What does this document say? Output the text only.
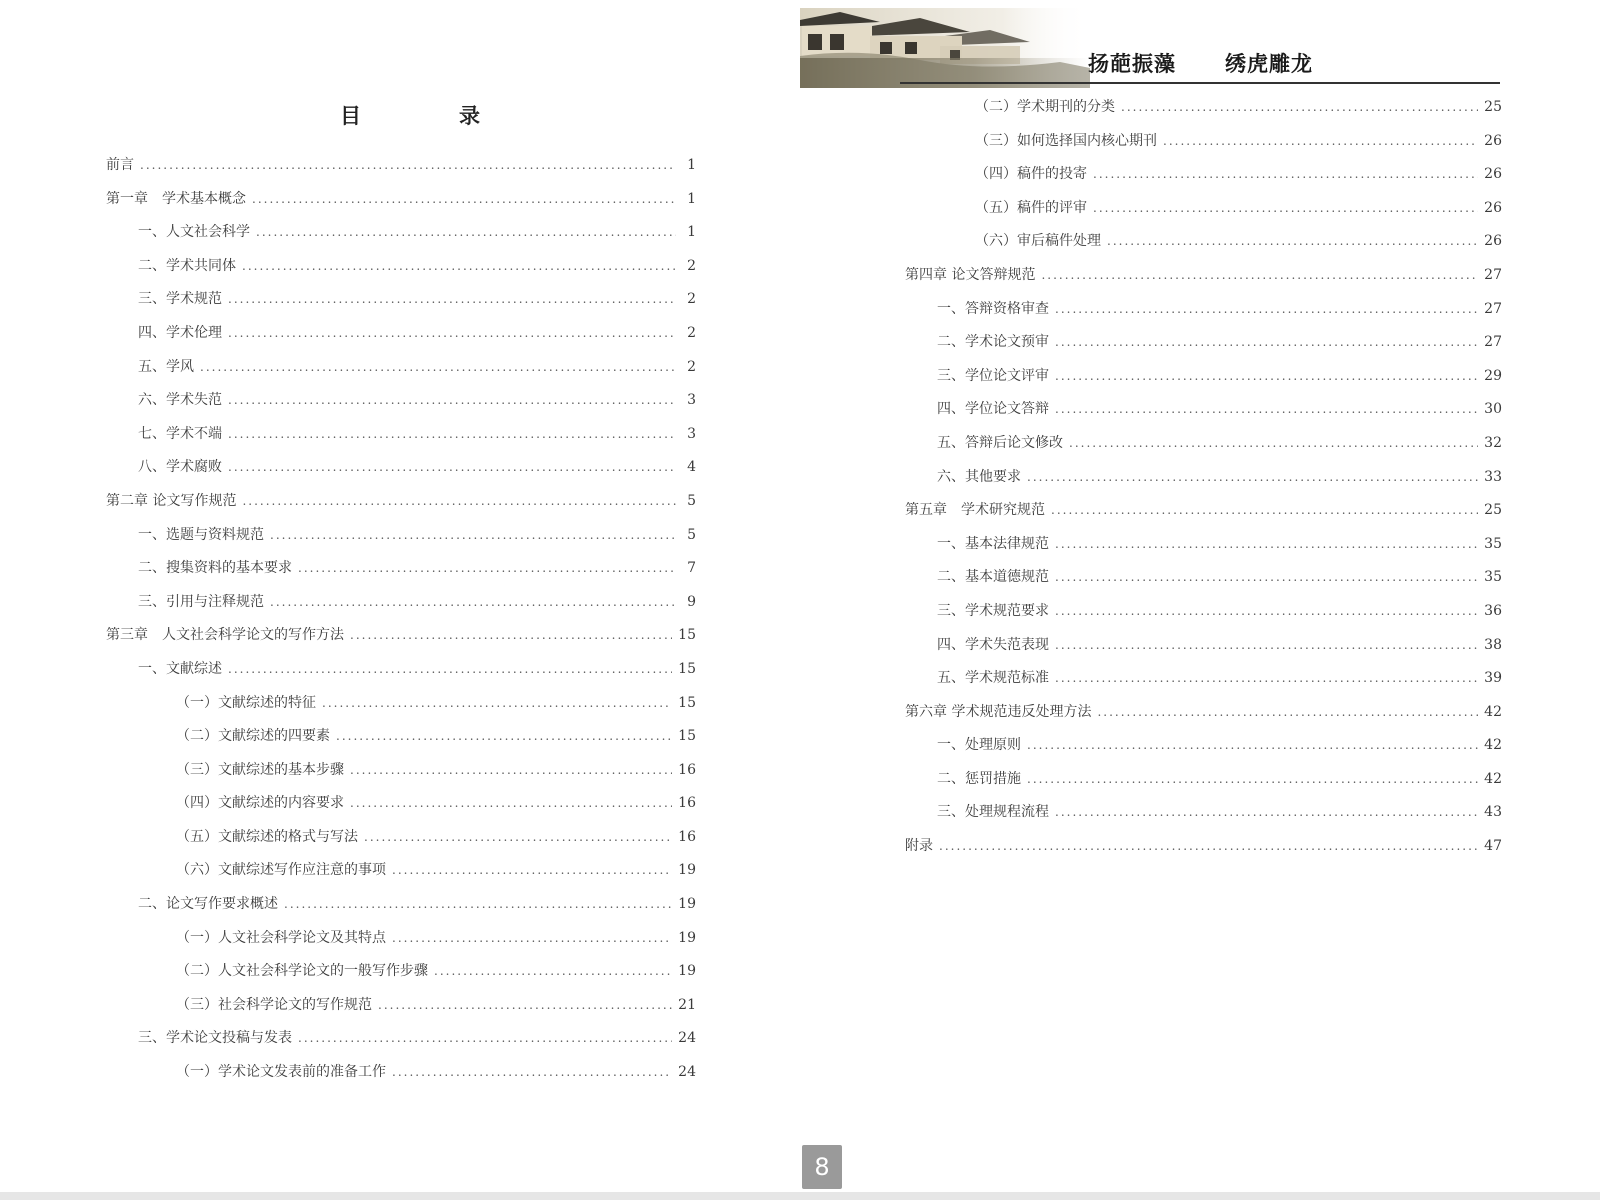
目	录
前言 .....	1
第一章　学术基本概念 .....	1
一、人文社会科学 .....	1
二、学术共同体 .....	2
三、学术规范 .....	2
四、学术伦理 .....	2
五、学风 .....	2
六、学术失范 .....	3
七、学术不端 .....	3
八、学术腐败 .....	4
第二章 论文写作规范 .....	5
一、选题与资料规范 .....	5
二、搜集资料的基本要求 .....	7
三、引用与注释规范 .....	9
第三章　人文社会科学论文的写作方法 .....	15
一、文献综述 .....	15
（一）文献综述的特征 .....	15
（二）文献综述的四要素 .....	15
（三）文献综述的基本步骤 .....	16
（四）文献综述的内容要求 .....	16
（五）文献综述的格式与写法 .....	16
（六）文献综述写作应注意的事项 .....	19
二、论文写作要求概述 .....	19
（一）人文社会科学论文及其特点 .....	19
（二）人文社会科学论文的一般写作步骤 .....	19
（三）社会科学论文的写作规范 .....	21
三、学术论文投稿与发表 .....	24
（一）学术论文发表前的准备工作 .....	24
扬葩振藻 绣虎雕龙
（二）学术期刊的分类 .....	25
（三）如何选择国内核心期刊 .....	26
（四）稿件的投寄 .....	26
（五）稿件的评审 .....	26
（六）审后稿件处理 .....	26
第四章 论文答辩规范 .....	27
一、答辩资格审查 .....	27
二、学术论文预审 .....	27
三、学位论文评审 .....	29
四、学位论文答辩 .....	30
五、答辩后论文修改 .....	32
六、其他要求 .....	33
第五章　学术研究规范 .....	25
一、基本法律规范 .....	35
二、基本道德规范 .....	35
三、学术规范要求 .....	36
四、学术失范表现 .....	38
五、学术规范标准 .....	39
第六章 学术规范违反处理方法 .....	42
一、处理原则 .....	42
二、惩罚措施 .....	42
三、处理规程流程 .....	43
附录 .....	47
8
